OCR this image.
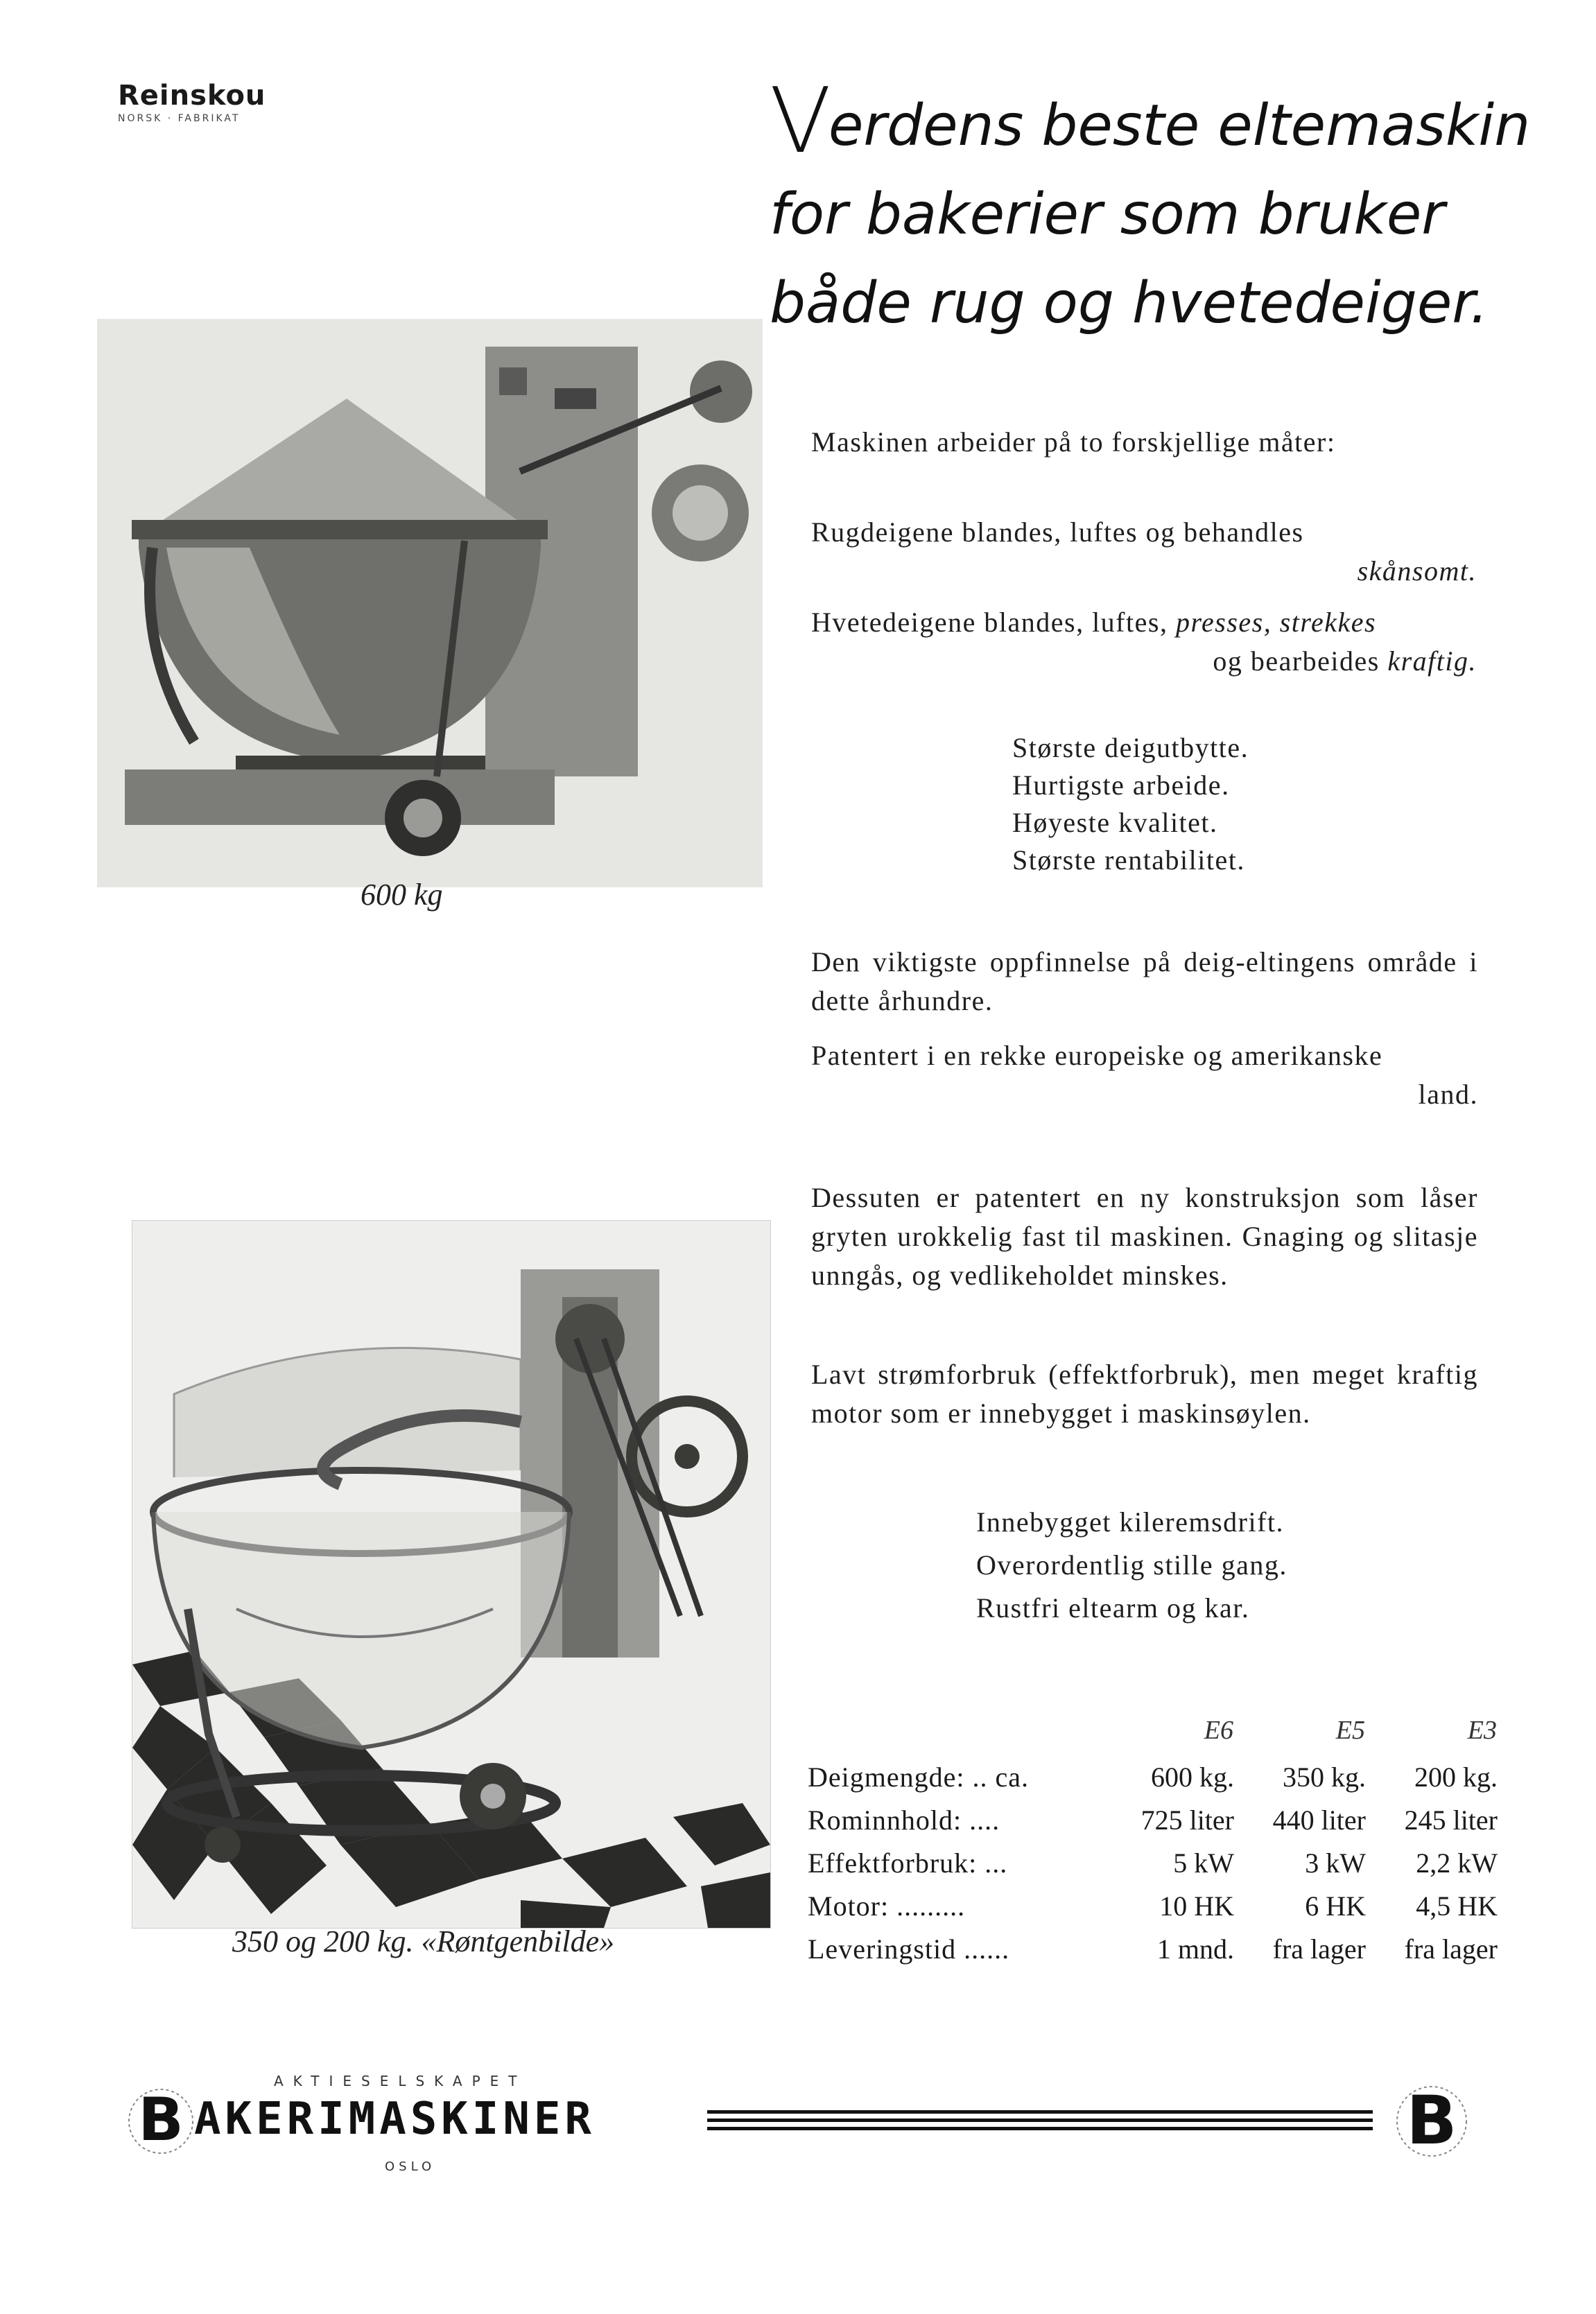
Reinskou
NORSK · FABRIKAT	Verdens beste eltemaskin
for bakerier som bruker
både rug og hvetedeiger.
600 kg
Maskinen arbeider på to forskjellige måter:
Rugdeigene blandes, luftes og behandles
skånsomt.
Hvetedeigene blandes, luftes, presses, strekkes
og bearbeides kraftig.
Største deigutbytte.
Hurtigste arbeide.
Høyeste kvalitet.
Største rentabilitet.
Den viktigste oppfinnelse på deig-eltingens område i dette århundre.
Patentert i en rekke europeiske og amerikanske
land.
350 og 200 kg. «Røntgenbilde»
Dessuten er patentert en ny konstruksjon som låser gryten urokkelig fast til maskinen. Gnaging og slitasje unngås, og vedlikeholdet minskes.
Lavt strømforbruk (effektforbruk), men meget kraftig motor som er innebygget i maskinsøylen.
Innebygget kileremsdrift.
Overordentlig stille gang.
Rustfri eltearm og kar.
	E6	E5	E3
Deigmengde: .. ca.	600 kg.	350 kg.	200 kg.
Rominnhold: ....	725 liter	440 liter	245 liter
Effektforbruk: ...	5 kW	3 kW	2,2 kW
Motor: .........	10 HK	6 HK	4,5 HK
Leveringstid ......	1 mnd.	fra lager	fra lager
AKTIESELSKAPET
B AKERIMASKINER
OSLO
B
